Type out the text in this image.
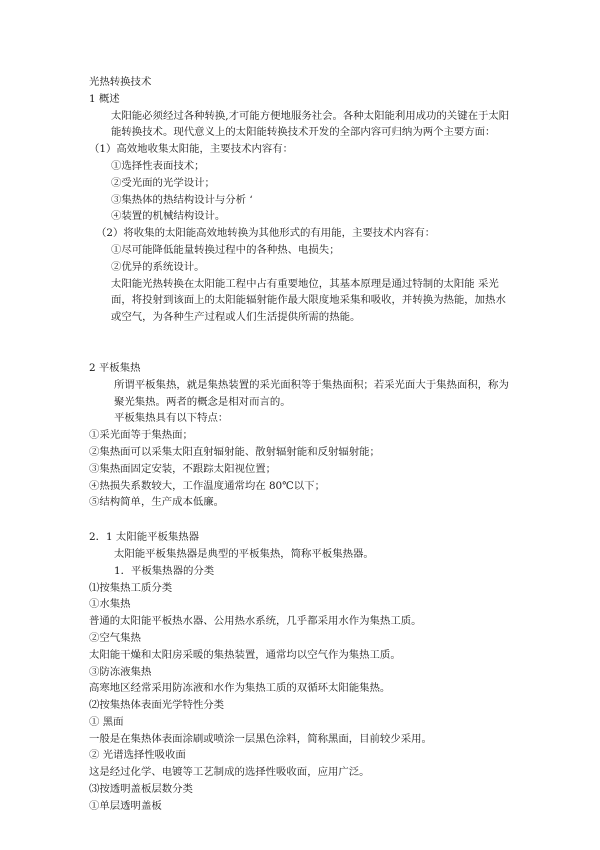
光热转换技术
1 概述
太阳能必须经过各种转换,才可能方便地服务社会。各种太阳能利用成功的关键在于太阳能转换技术。现代意义上的太阳能转换技术开发的全部内容可归纳为两个主要方面：
（1）高效地收集太阳能，主要技术内容有：
①选择性表面技术；
②受光面的光学设计；
③集热体的热结构设计与分析 ‘
④装置的机械结构设计。
（2）将收集的太阳能高效地转换为其他形式的有用能，主要技术内容有：
①尽可能降低能量转换过程中的各种热、电损失；
②优异的系统设计。
太阳能光热转换在太阳能工程中占有重要地位，其基本原理是通过特制的太阳能 采光面，将投射到该面上的太阳能辐射能作最大限度地采集和吸收，并转换为热能，加热水或空气，为各种生产过程或人们生活提供所需的热能。
2 平板集热
所谓平板集热，就是集热装置的采光面积等于集热面积；若采光面大于集热面积，称为聚光集热。两者的概念是相对而言的。
平板集热具有以下特点：
①采光面等于集热面；
②集热面可以采集太阳直射辐射能、散射辐射能和反射辐射能；
③集热面固定安装，不跟踪太阳视位置；
④热损失系数较大，工作温度通常均在 80℃以下；
⑤结构简单，生产成本低廉。
2．1 太阳能平板集热器
太阳能平板集热器是典型的平板集热，简称平板集热器。
1．平板集热器的分类
⑴按集热工质分类
①水集热
普通的太阳能平板热水器、公用热水系统，几乎都采用水作为集热工质。
②空气集热
太阳能干燥和太阳房采暖的集热装置，通常均以空气作为集热工质。
③防冻液集热
高寒地区经常采用防冻液和水作为集热工质的双循环太阳能集热。
⑵按集热体表面光学特性分类
① 黑面
一般是在集热体表面涂刷或喷涂一层黑色涂料，简称黑面，目前较少采用。
② 光谱选择性吸收面
这是经过化学、电镀等工艺制成的选择性吸收面，应用广泛。
⑶按透明盖板层数分类
①单层透明盖板
